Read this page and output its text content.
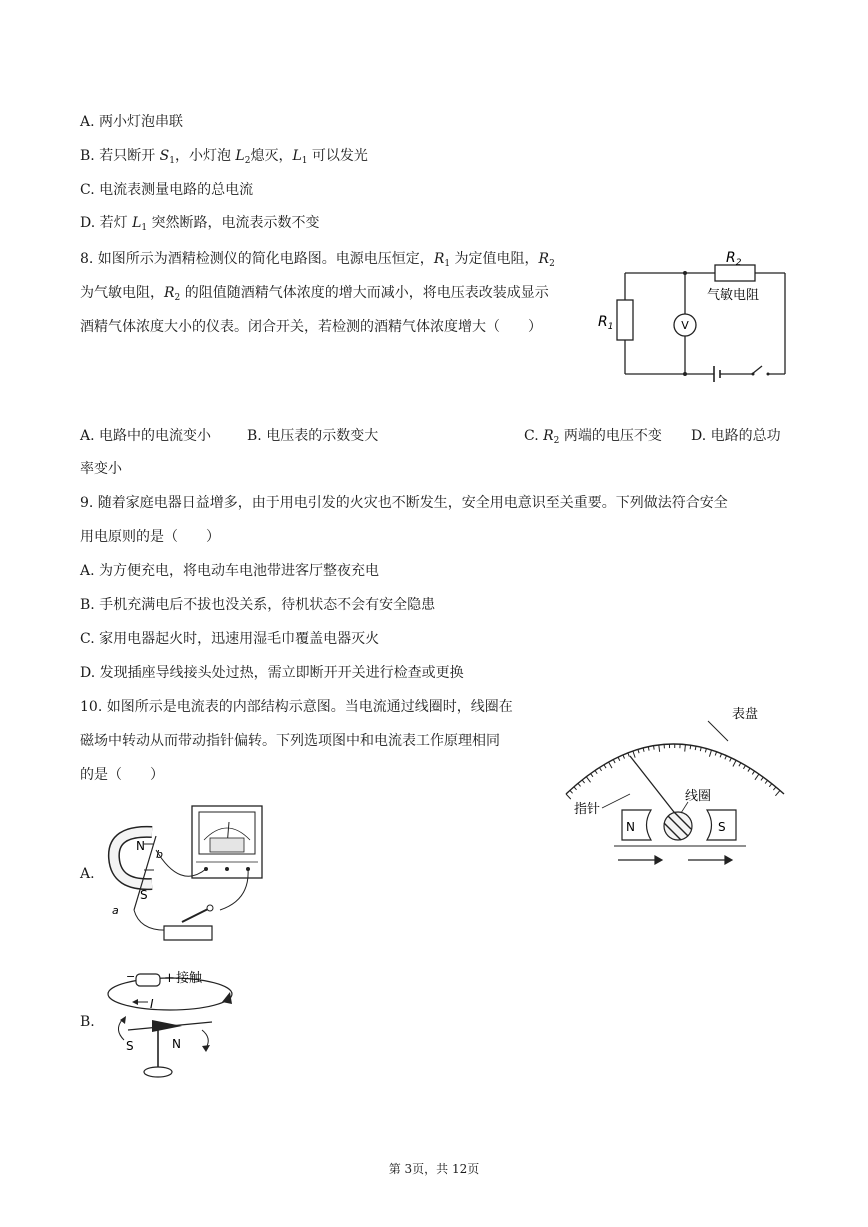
A. 两小灯泡串联
B. 若只断开 $S_1$，小灯泡 $L_2$熄灭，$L_1$ 可以发光
C. 电流表测量电路的总电流
D. 若灯 $L_1$ 突然断路，电流表示数不变
8. 如图所示为酒精检测仪的简化电路图。电源电压恒定，$R_1$ 为定值电阻，$R_2$
为气敏电阻，$R_2$ 的阻值随酒精气体浓度的增大而减小，将电压表改装成显示
酒精气体浓度大小的仪表。闭合开关，若检测的酒精气体浓度增大（　　）	V
$R_2$
气敏电阻
$R_1$
A. 电路中的电流变小	B. 电压表的示数变大	C. $R_2$ 两端的电压不变 D. 电路的总功
率变小
9. 随着家庭电器日益增多，由于用电引发的火灾也不断发生，安全用电意识至关重要。下列做法符合安全
用电原则的是（　　）
A. 为方便充电，将电动车电池带进客厅整夜充电
B. 手机充满电后不拔也没关系，待机状态不会有安全隐患
C. 家用电器起火时，迅速用湿毛巾覆盖电器灭火
D. 发现插座导线接头处过热，需立即断开开关进行检查或更换
10. 如图所示是电流表的内部结构示意图。当电流通过线圈时，线圈在
磁场中转动从而带动指针偏转。下列选项图中和电流表工作原理相同
的是（　　）
表盘
指针
N	S
线圈
A.
N
S
b
a
B.
− + 接触
I
S	N
第 3页，共 12页
